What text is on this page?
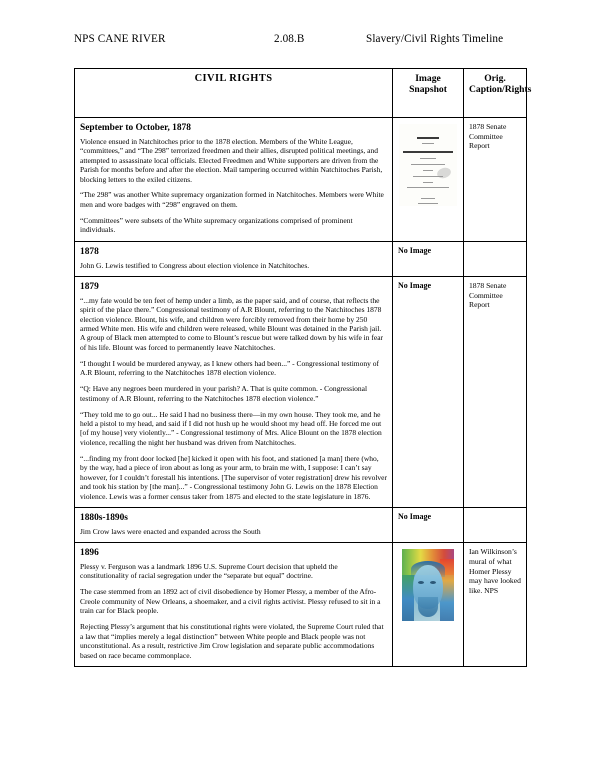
NPS CANE RIVER	2.08.B	Slavery/Civil Rights Timeline
CIVIL RIGHTS	Image Snapshot	Orig. Caption/Rights

September to October, 1878

Violence ensued in Natchitoches prior to the 1878 election. Members of the White League, “committees,” and “The 298” terrorized freedmen and their allies, disrupted political meetings, and attempted to assassinate local officials. Elected Freedmen and White supporters are driven from the Parish for months before and after the election. Mail tampering occurred within Natchitoches Parish, blocking letters to the exiled citizens.

“The 298” was another White supremacy organization formed in Natchitoches. Members were White men and wore badges with “298” engraved on them.

“Committees” were subsets of the White supremacy organizations comprised of prominent individuals.		1878 Senate Committee Report

1878

John G. Lewis testified to Congress about election violence in Natchitoches.	No Image	

1879

“...my fate would be ten feet of hemp under a limb, as the paper said, and of course, that reflects the spirit of the place there.” Congressional testimony of A.R Blount, referring to the Natchitoches 1878 election violence. Blount, his wife, and children were forcibly removed from their home by 250 armed White men. His wife and children were released, while Blount was detained in the Parish jail. A group of Black men attempted to come to Blount’s rescue but were talked down by his wife in fear of his life. Blount was forced to permanently leave Natchitoches.

“I thought I would be murdered anyway, as I knew others had been...” - Congressional testimony of A.R Blount, referring to the Natchitoches 1878 election violence.

“Q: Have any negroes been murdered in your parish? A. That is quite common. - Congressional testimony of A.R Blount, referring to the Natchitoches 1878 election violence.”

“They told me to go out... He said I had no business there—in my own house. They took me, and he held a pistol to my head, and said if I did not hush up he would shoot my head off. He forced me out [of my house] very violently...” - Congressional testimony of Mrs. Alice Blount on the 1878 election violence, recalling the night her husband was driven from Natchitoches.

“...finding my front door locked [he] kicked it open with his foot, and stationed [a man] there (who, by the way, had a piece of iron about as long as your arm, to brain me with, I suppose: I can’t say however, for I couldn’t forestall his intentions. [The supervisor of voter registration] drew his revolver and took his station by [the man]...” - Congressional testimony John G. Lewis on the 1878 Election violence. Lewis was a former census taker from 1875 and elected to the state legislature in 1876.

	No Image	1878 Senate Committee Report

1880s-1890s

Jim Crow laws were enacted and expanded across the South	No Image	

1896

Plessy v. Ferguson was a landmark 1896 U.S. Supreme Court decision that upheld the constitutionality of racial segregation under the “separate but equal” doctrine.

The case stemmed from an 1892 act of civil disobedience by Homer Plessy, a member of the Afro-Creole community of New Orleans, a shoemaker, and a civil rights activist. Plessy refused to sit in a train car for Black people.

Rejecting Plessy’s argument that his constitutional rights were violated, the Supreme Court ruled that a law that “implies merely a legal distinction” between White people and Black people was not unconstitutional. As a result, restrictive Jim Crow legislation and separate public accommodations based on race became commonplace.		Ian Wilkinson’s mural of what Homer Plessy may have looked like. NPS
